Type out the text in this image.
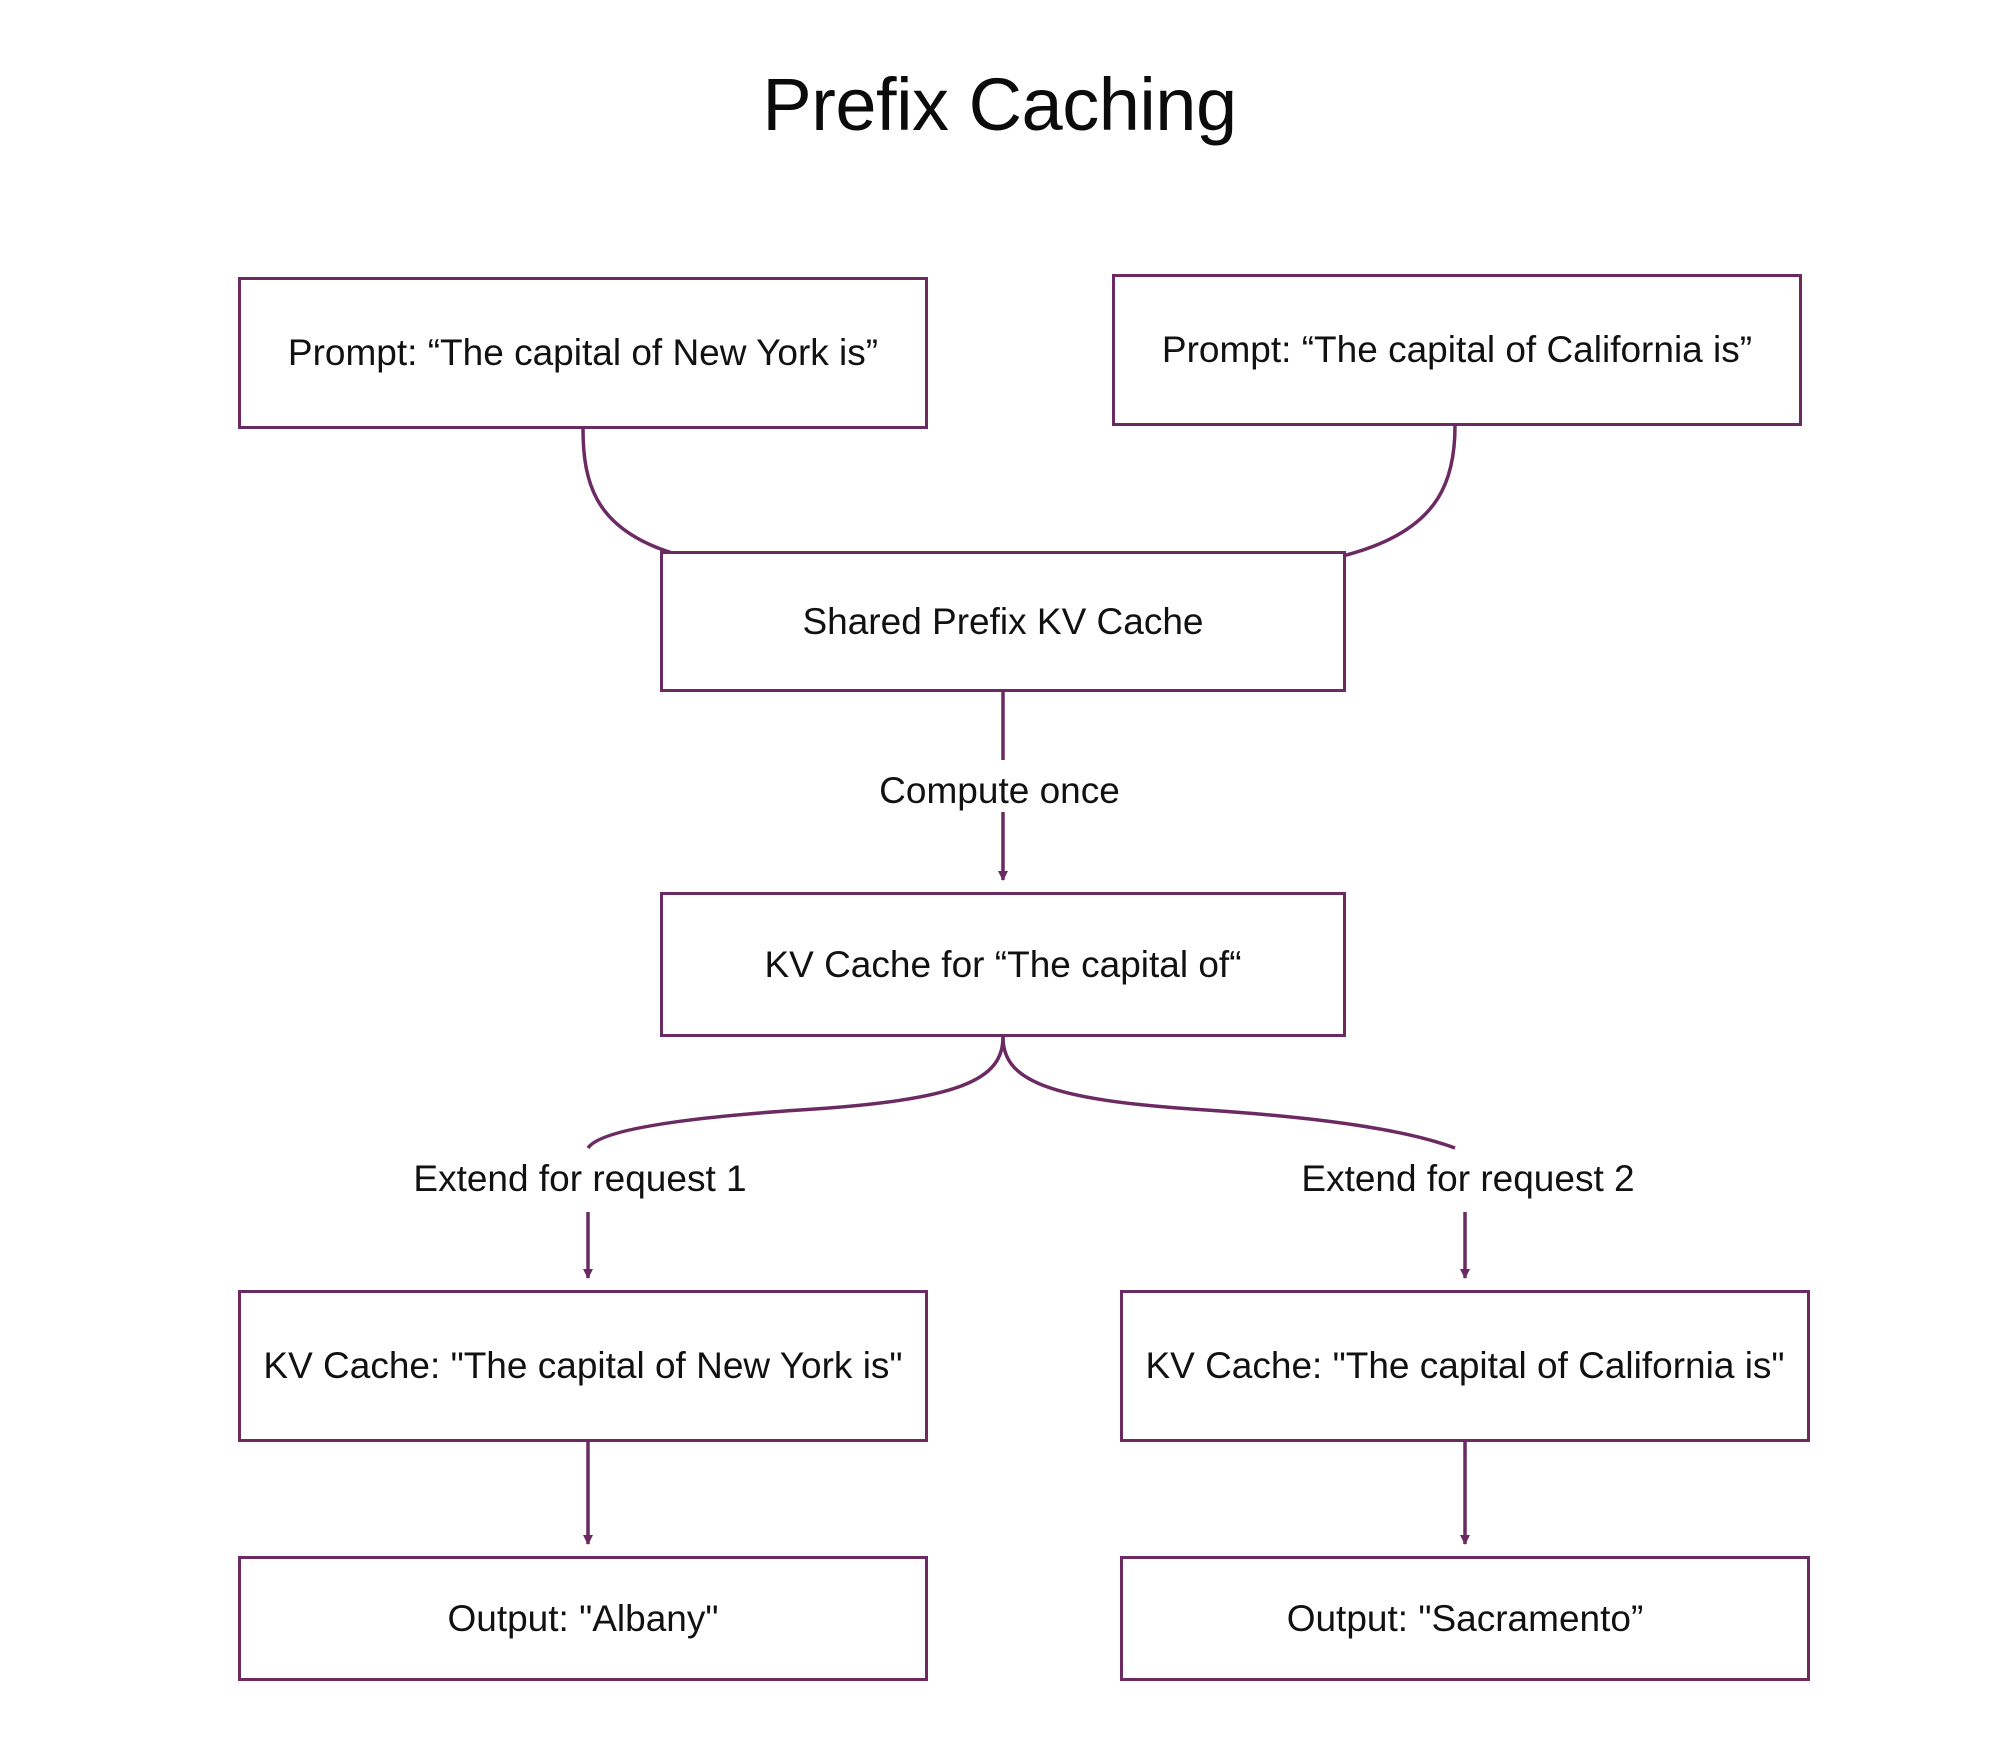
Prefix Caching
Prompt: “The capital of New York is”	Prompt: “The capital of California is”
Shared Prefix KV Cache
KV Cache for “The capital of“
KV Cache: "The capital of New York is"	KV Cache: "The capital of California is"
Output: "Albany"	Output: "Sacramento”
Compute once
Extend for request 1	Extend for request 2
